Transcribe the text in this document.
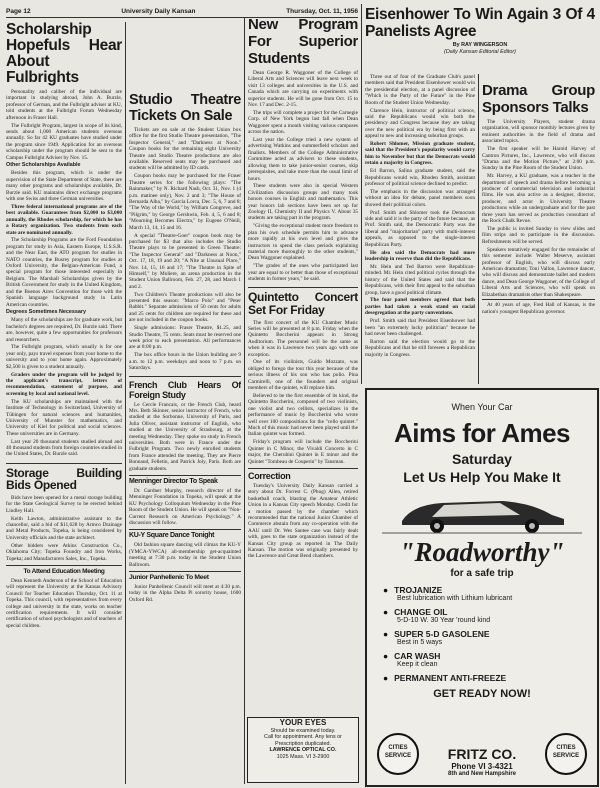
Page 12	University Daily Kansan	Thursday, Oct. 11, 1956
Scholarship Hopefuls Hear About Fulbrights

Personality and caliber of the individual are important in studying abroad, John A. Burzle, professor of German, and the Fulbright adviser at KU, told students at the Fulbright Forum Wednesday afternoon in Fraser Hall.

The Fulbright Program, largest in scope of its kind, sends about 1,000 American students overseas annually. So far 42 KU graduates have studied under the program since 1949. Application for an overseas scholarship under the program should be sent to the Campus Fulbright Adviser by Nov. 15.

Other Scholarships Available

Besides this program, which is under the supervision of the State Department of State, there are many other programs and scholarships available, Dr. Burzle said. KU maintains direct exchange programs with one Swiss and three German universities.

Three federal international programs are of the best available. Guarantees from $2,000 to $3,000 annually, the Rhodes scholarship, for which he has a Rotary organization. Two students from each state are nominated annually.

The Scholarship Programs are the Ford Foundation program for study in Asia, Eastern Europe, U.S.S.R. and the Near East, the ATO program for studies in NATO countries, the Busrey program for studies at Oxford University, the Belgian-American Fund, a special program for those interested especially in Belgium. The Marshall Scholarships given by the British Government for study in the United Kingdom, and the Buenos Aires Convention for those with the Spanish language background study in Latin American countries.

Degrees Sometimes Necessary

Many of the scholarships are for graduate work, but bachelor's degrees are required, Dr. Burzle said. There are, however, quite a few opportunities for professors and researchers.

The Fulbright program, which usually is for one year only, pays travel expenses from your home to the university and to your home again. Approximately $2,500 is given to a student annually.

Graders under the program will be judged by the applicant's transcript, letters of recommendation, statement of purpose, and screening by local and national level.

The KU scholarships are maintained with the Institute of Technology in Switzerland, University of Tübingen for natural sciences and humanities, University of Munster for mathematics, and University of Kiel for political and social sciences. These universities are in Germany.

Last year 20 thousand students studied abroad and 40 thousand students from foreign countries studied in the United States, Dr. Burzle said.

Storage Building Bids Opened

Bids have been opened for a metal storage building for the State Geological Survey to be erected behind Lindley Hall.

Keith Lawton, administrative assistant to the chancellor, said a bid of $11,628 by Armco Drainage and Metal Products, Topeka, is being considered by University officials and the state architect.

Other bidders were Atkins Construction Co., Oklahoma City; Topeka Foundry and Iron Works, Topeka; and Manufacturers Sales, Inc., Topeka.

To Attend Education Meeting

Dean Kenneth Anderson of the School of Education will represent the University at the Kansas Advisory Council for Teacher Education Thursday, Oct. 11 at Topeka. This council, with representatives from every college and university in the state, works on teacher certification requirements. It will consider certification of school psychologists and of teachers of special children.

Studio Theatre Tickets On Sale

Tickets are on sale at the Student Union box office for the first Studio Theatre presentation, "The Inspector General," and "Darkness at Noon." Coupon books for the remaining eight University Theatre and Studio Theatre productions are also available. Reserved seats may be purchased and students will be admitted by ID cards.

Coupon books may be purchased for the Fraser Theatre series for the following plays: "The Rainmaker," by N. Richard Nash, Oct. 31, Nov. 1 (4 p.m. matinee only), Nov. 2 and 3; "The House of Bernarda Alba," by Garcia Lorca, Dec. 5, 6, 7 and 8; "The Way of the World," by William Congreve, and "Pilgrim," by George Gershwin, Feb. 4, 5, 6 and 8; "Mourning Becomes Electra," by Eugene O'Neill, March 13, 14, 15 and 16.

A special "Theatre-Goer" coupon book may be purchased for $3 that also includes the Studio Theatre plays to be presented in Green Theatre: "The Inspector General" and "Darkness at Noon," Oct. 17, 18, 19 and 20; "A Nite at Unusual Place," Nov. 14, 15, 16 and 17; "The Theatre in Spite of Himself," by Moliere, an arena production in the Student Union Ballroom, Feb. 27, 28, and March 1 and 2.

Two Children's Theatre productions will also be presented this season: "Marco Polo" and "Peter Rabbit." Separate admissions of 50 cents for adults and 25 cents for children are required for these and are not included in the coupon books.

Single admissions: Fraser Theatre, $1.25, and Studio Theatre, 75 cents. Seats must be reserved one week prior to each presentation. All performances are at 8:00 p.m.

The box office hours in the Union building are 9 a.m. to 12 p.m. weekdays and noon to 7 p.m. on Saturdays.

French Club Hears Of Foreign Study

Le Cercle Francais, or the French Club, heard Mrs. Beth Skinner, senior instructor of French, who studied at the Sorbonne, University of Paris, and Julia Oliver, assistant instructor of English, who studied at the University of Strasbourg, at the meeting Wednesday. They spoke on study in French universities. Both were in France under the Fulbright Program. Two newly enrolled students from France attended the meeting. They are Pierre Bonnaud, Felletin, and Patrick Joly, Paris. Both are graduate students.

Menninger Director To Speak

Dr. Gardner Murphy, research director of the Menninger Foundation in Topeka, will speak at the KU Psychology Colloquium Wednesday in the Pine Room of the Student Union. He will speak on "Non-Current Research on American Psychology." A discussion will follow.

KU-Y Square Dance Tonight

Old fashion square dancing will climax the KU-Y (YMCA-YWCA) all-membership get-acquainted meeting at 7:30 p.m. today in the Student Union Ballroom.

Junior Panhellenic To Meet

Junior Panhellenic Council will meet at 4:30 p.m. today in the Alpha Delta Pi sorority house, 1600 Oxford Rd.

New Program For Superior Students

Dean George R. Waggoner of the College of Liberal Arts and Sciences will leave next week to visit 13 colleges and universities in the U.S. and Canada which are carrying on experiments with superior students. He will be gone from Oct. 15 to Nov. 17 and Dec. 2-15.

The trips will complete a project for the Carnegie Corp. of New York begun last fall when Dean Waggoner spent a month visiting various campuses across the nation.

Last year the College tried a new system of advertising Watkins and summerfield scholars and finalists. Members of the College Administrative Committee acted as advisers to these students, allowing them to take junior-senior courses, skip prerequisites, and take more than the usual limit of hours.

These students were also in special Western Civilization discussion groups and many took honors courses in English and mathematics. This year honors lab sections have been set up for Zoology II, Chemistry II and Physics V. About 35 students are taking part in the program.

"Giving the exceptional student more freedom to plan his own schedule permits him to advance more rapidly at his own level and gives the instructors to spend the class periods explaining material more thoroughly to the other students," Dean Waggoner explained.

"The grades of the ones who participated last year are equal to or better than those of exceptional students in former years," he said.

Quintetto Concert Set For Friday

The first concert of the KU Chamber Music Series will be presented at 8 p.m. Friday when the Quintetto Boccherini appears in Strong Auditorium. The personnel will be the same as when it was in Lawrence two years ago with one exception.

One of its violinists, Guido Mozzato, was obliged to forego the tour this year because of the serious illness of his son who has polio. Pina Carmirelli, one of the founders and original members of the quintet, will replace him.

Believed to be the first ensemble of its kind, the Quintetto Boccherini, composed of two violinists, one violist and two cellists, specializes in the performance of music by Boccherini who wrote well over 100 compositions for the "cello quintet." Much of this music had never been played until the Italian quintet was formed.

Friday's program will include the Boccherini Quintet in C Minor, the Vivaldi Concerto in C major, the Cherubini Quintet in E minor and the Quintet "Tombeau de Couperin" by Tansman.

Correction

Tuesday's University Daily Kansan carried a story about Dr. Forrest C. (Phog) Allen, retired basketball coach, blasting the Amateur Athletic Union in a Kansas City speech Monday. Credit for a motion passed by the chamber which recommended that the national Junior Chamber of Commerce abstain from any co-operation with the AAU until Dr. Wes Santee case was fairly dealt with, goes to the state organization instead of the Kansas City group as reported in The Daily Kansan. The motion was originally presented by the Lawrence and Great Bend chambers.

YOUR EYES
Should be examined today.
Call for appointment. Any lens or
Prescription duplicated.
LAWRENCE OPTICAL CO.
1025 Mass. VI 3-2900
Eisenhower To Win Again 3 Of 4 Panelists Agree
By RAY WINGERSON
(Daily Kansan Editorial Editor)

Three out of four of the Graduate Club's panel members said that President Eisenhower would win the presidential election, at a panel discussion of "Which is the Party of the Future" in the Pine Room of the Student Union Wednesday.

Clarence Hein, instructor of political science, said the Republicans would win both the presidency and Congress because they are taking over the new political era by being first with an appeal to new and increasing suburban groups.

Robert Shlomer, Mission graduate student, said that the President's popularity would carry him to November but that the Democrats would retain a majority in Congress.

Ed Barron, Salina graduate student, said the Republicans would win, Rhoden Smith, assistant professor of political science declined to predict.

The emphasis in the discussion was arranged without an idea for debate, panel members soon showed their political colors.

Prof. Smith and Shlomer took the Democrats side and said it is the party of the future because, as Prof. Smith said, the Democratic Party was the liberal and "majoritarian" party with multi-interest appeals, as opposed to the single-interest Republican Party.

He also said the Democrats had more leadership in reserve than did the Republicans.

Mr. Hein and Ted Barron were Republican-minded. Mr. Hein cited political cycles through the history of the United States and said that the Republicans, with their first appeal to the suburban group, have a good political climate.

The four panel members agreed that both parties had taken a weak stand on racial desegregation at the party conventions.

Prof. Smith said that President Eisenhower had been "an extremely lucky politician" because he had never been challenged.

Barron said the election would go to the Republicans and that he still foresees a Republican majority in Congress.

Drama Group Sponsors Talks

The University Players, student drama organization, will sponsor monthly lectures given by eminent authorities in the field of drama and associated topics.

The first speaker will be Harold Harvey of Cantron Pictures, Inc., Lawrence, who will discuss "Drama and the Motion Picture," at 2:00 p.m. Sunday in the Pine Room of the Student Union.

Mr. Harvey, a KU graduate, was a teacher in the department of speech and drama before becoming a producer of commercial television and industrial films. He was also active as a designer, director, producer, and actor in University Theatre productions while an undergraduate and for the past three years has served as production consultant of the Rock Chalk Revue.

The public is invited Sunday to view slides and film strips and to participate in the discussion. Refreshments will be served.

Speakers tentatively engaged for the remainder of this semester include: Walter Meserve, assistant professor of English, who will discuss early American dramatists; Toni Vallon, Lawrence dancer, who will discuss and demonstrate ballet and modern dance, and Dean George Waggoner, of the College of Liberal Arts and Sciences, who will speak on Elizabethan dramatists other than Shakespeare.

At 40 years of age, Fred Hall of Kansas, is the nation's youngest Republican governor.

When Your Car
Aims for Ames
Saturday
Let Us Help You Make It
"Roadworthy"
for a safe trip
● TROJANIZE
Best lubrication with Lithium lubricant
● CHANGE OIL
5-D-10 W. 30 Year 'round kind
● SUPER 5-D GASOLENE
Best in 5 ways
● CAR WASH
Keep it clean
● PERMANENT ANTI-FREEZE
GET READY NOW!
CITIES SERVICE	FRITZ CO.
Phone VI 3-4321
8th and New Hampshire
CITIES SERVICE
